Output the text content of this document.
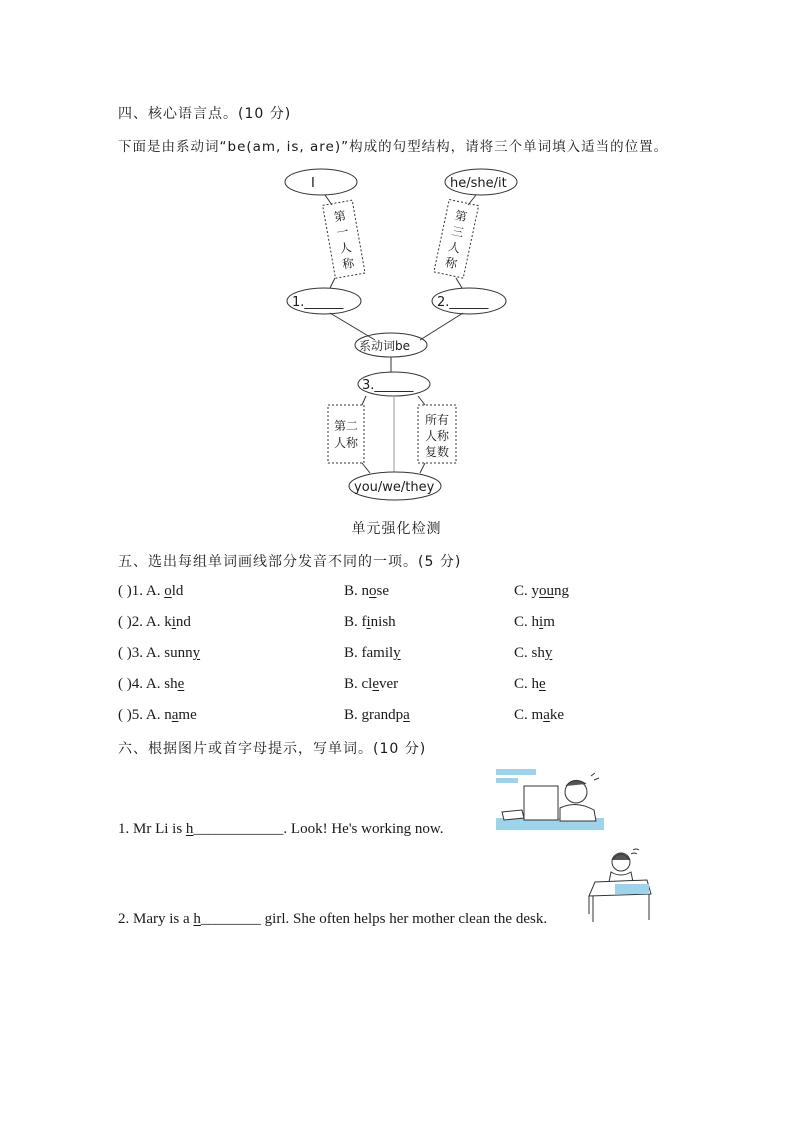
四、核心语言点。(10 分)
下面是由系动词“be(am, is, are)”构成的句型结构，请将三个单词填入适当的位置。
I	he/she/it
1.______	2.______
系动词be
3.______
第二
人称
所有
人称
复数
you/we/they
第
一
人
称
第
三
人
称
单元强化检测
五、选出每组单词画线部分发音不同的一项。(5 分)
( )1. A. old	B. nose	C. young
( )2. A. kind	B. finish	C. him
( )3. A. sunny	B. family	C. shy
( )4. A. she	B. clever	C. he
( )5. A. name	B. grandpa	C. make
六、根据图片或首字母提示，写单词。(10 分)
1. Mr Li is h____________. Look! He's working now.
2. Mary is a h________ girl. She often helps her mother clean the desk.
